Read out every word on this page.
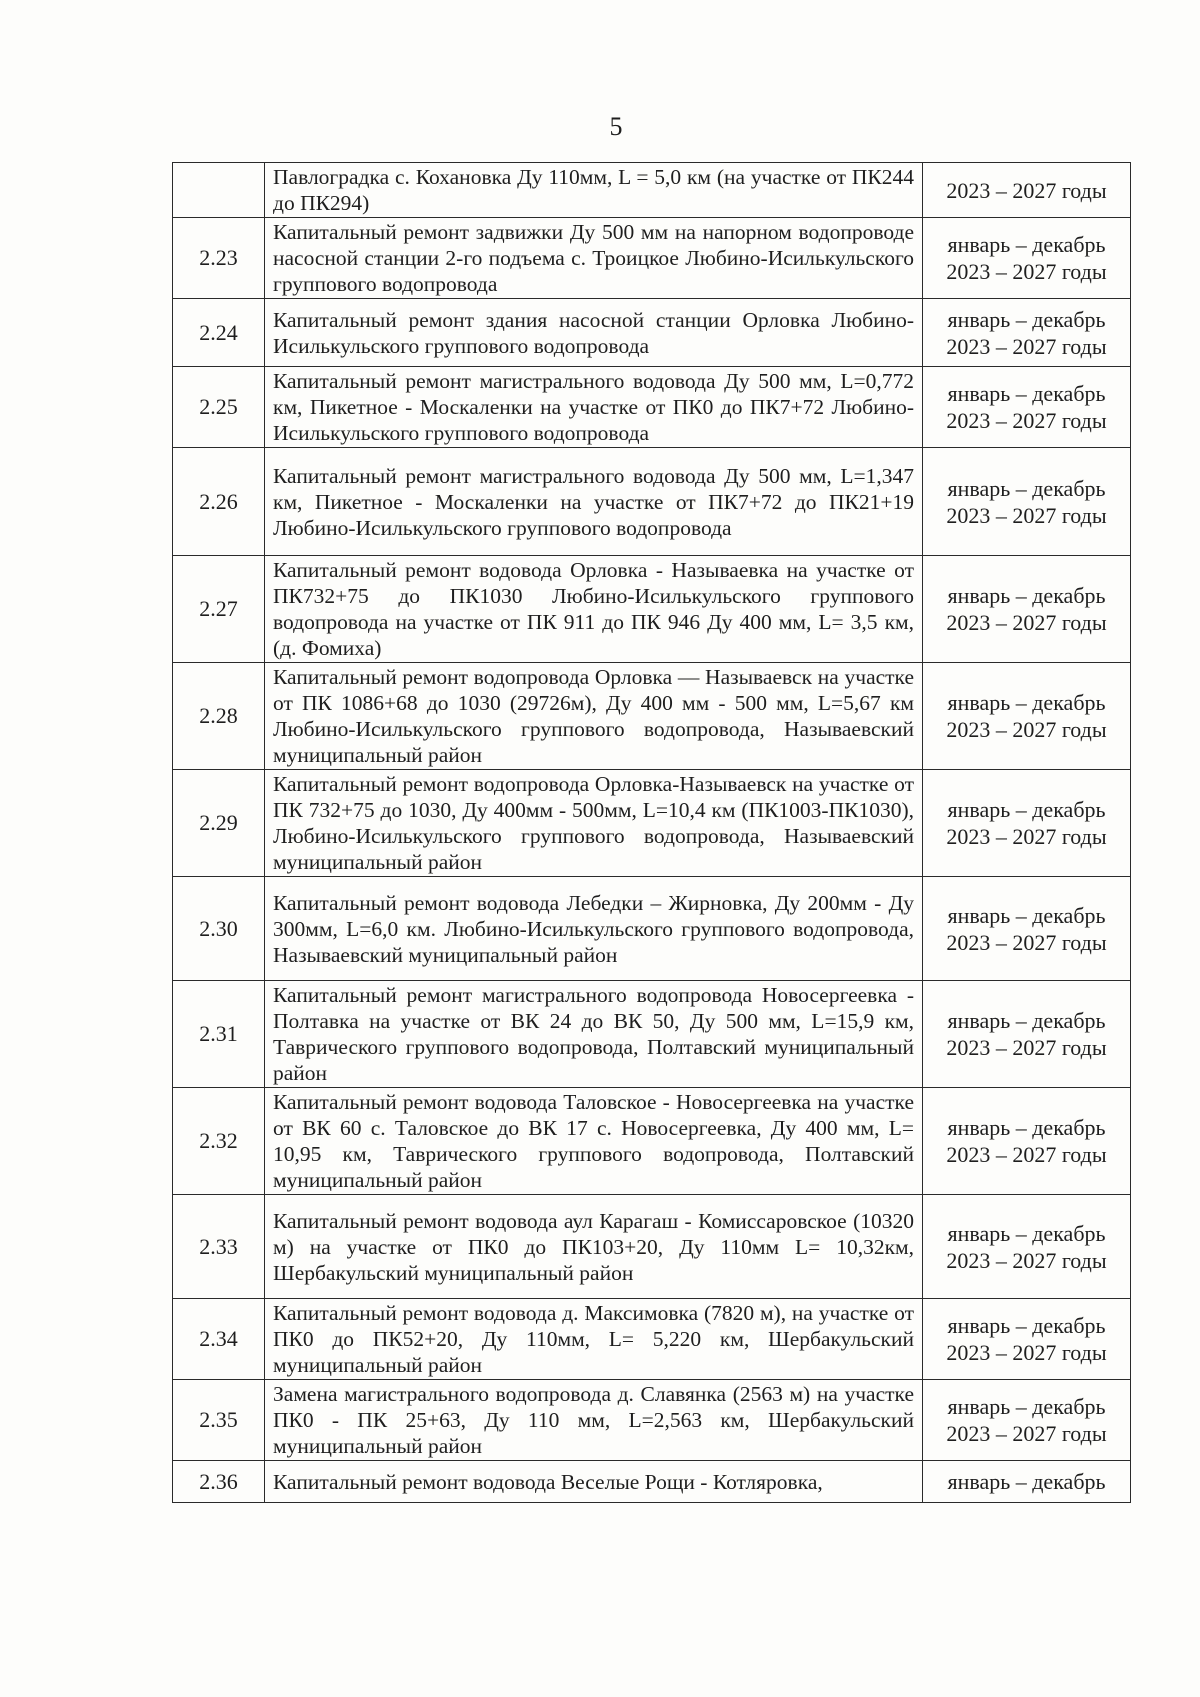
5
	Павлоградка с. Кохановка Ду 110мм, L = 5,0 км (на участке от ПК244 до ПК294)	2023 – 2027 годы

2.23	Капитальный ремонт задвижки Ду 500 мм на напорном водопроводе насосной станции 2-го подъема с. Троицкое Любино-Исилькульского группового водопровода	январь – декабрь
2023 – 2027 годы

2.24	Капитальный ремонт здания насосной станции Орловка Любино-Исилькульского группового водопровода	январь – декабрь
2023 – 2027 годы

2.25	Капитальный ремонт магистрального водовода Ду 500 мм, L=0,772 км, Пикетное - Москаленки на участке от ПК0 до ПК7+72 Любино-Исилькульского группового водопровода	январь – декабрь
2023 – 2027 годы

2.26	Капитальный ремонт магистрального водовода Ду 500 мм, L=1,347 км, Пикетное - Москаленки на участке от ПК7+72 до ПК21+19 Любино-Исилькульского группового водопровода	январь – декабрь
2023 – 2027 годы

2.27	Капитальный ремонт водовода Орловка - Называевка на участке от ПК732+75 до ПК1030 Любино-Исилькульского группового водопровода на участке от ПК 911 до ПК 946 Ду 400 мм, L= 3,5 км, (д. Фомиха)	январь – декабрь
2023 – 2027 годы

2.28	Капитальный ремонт водопровода Орловка — Называевск на участке от ПК 1086+68 до 1030 (29726м), Ду 400 мм - 500 мм, L=5,67 км Любино-Исилькульского группового водопровода, Называевский муниципальный район	январь – декабрь
2023 – 2027 годы

2.29	Капитальный ремонт водопровода Орловка-Называевск на участке от ПК 732+75 до 1030, Ду 400мм - 500мм, L=10,4 км (ПК1003-ПК1030), Любино-Исилькульского группового водопровода, Называевский муниципальный район	январь – декабрь
2023 – 2027 годы

2.30	Капитальный ремонт водовода Лебедки – Жирновка, Ду 200мм - Ду 300мм, L=6,0 км. Любино-Исилькульского группового водопровода, Называевский муниципальный район	январь – декабрь
2023 – 2027 годы

2.31	Капитальный ремонт магистрального водопровода Новосергеевка - Полтавка на участке от ВК 24 до ВК 50, Ду 500 мм, L=15,9 км, Таврического группового водопровода, Полтавский муниципальный район	январь – декабрь
2023 – 2027 годы

2.32	Капитальный ремонт водовода Таловское - Новосергеевка на участке от ВК 60 с. Таловское до ВК 17 с. Новосергеевка, Ду 400 мм, L= 10,95 км, Таврического группового водопровода, Полтавский муниципальный район	январь – декабрь
2023 – 2027 годы

2.33	Капитальный ремонт водовода аул Карагаш - Комиссаровское (10320 м) на участке от ПК0 до ПК103+20, Ду 110мм L= 10,32км, Шербакульский муниципальный район	январь – декабрь
2023 – 2027 годы

2.34	Капитальный ремонт водовода д. Максимовка (7820 м), на участке от ПК0 до ПК52+20, Ду 110мм, L= 5,220 км, Шербакульский муниципальный район	январь – декабрь
2023 – 2027 годы

2.35	Замена магистрального водопровода д. Славянка (2563 м) на участке ПК0 - ПК 25+63, Ду 110 мм, L=2,563 км, Шербакульский муниципальный район	январь – декабрь
2023 – 2027 годы

2.36	Капитальный ремонт водовода Веселые Рощи - Котляровка,	январь – декабрь
